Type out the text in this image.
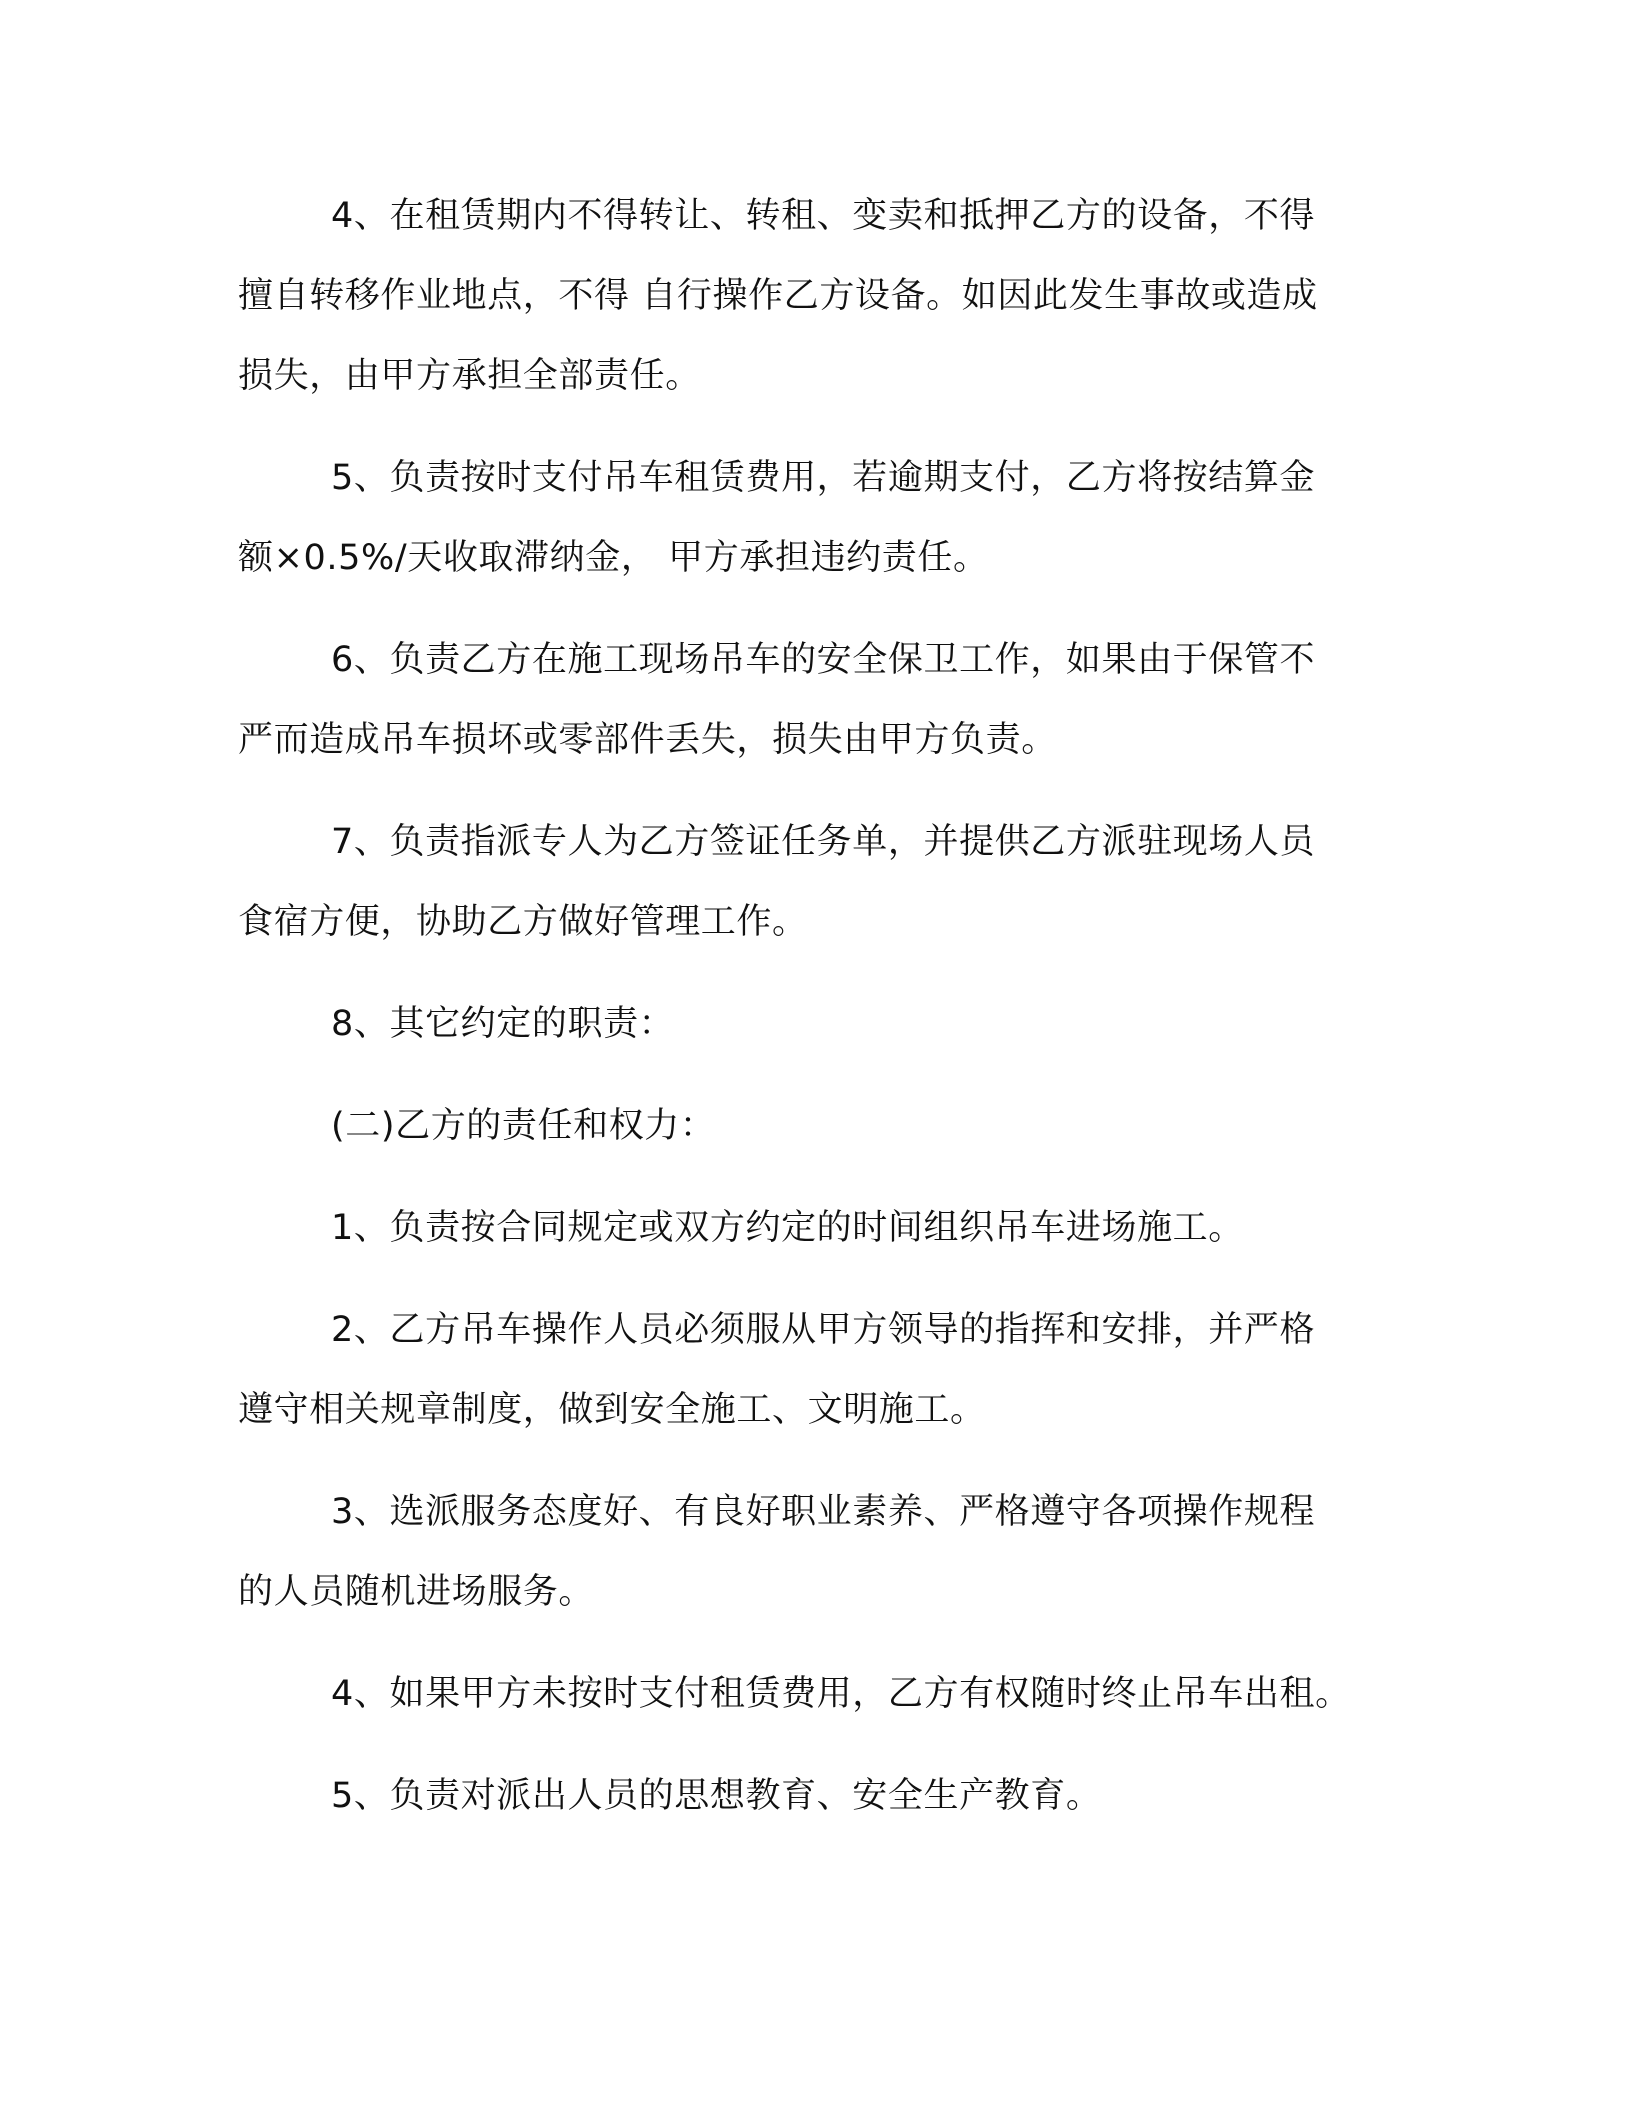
4、在租赁期内不得转让、转租、变卖和抵押乙方的设备，不得
擅自转移作业地点，不得 自行操作乙方设备。如因此发生事故或造成
损失，由甲方承担全部责任。

5、负责按时支付吊车租赁费用，若逾期支付，乙方将按结算金
额×0.5%/天收取滞纳金， 甲方承担违约责任。

6、负责乙方在施工现场吊车的安全保卫工作，如果由于保管不
严而造成吊车损坏或零部件丢失，损失由甲方负责。

7、负责指派专人为乙方签证任务单，并提供乙方派驻现场人员
食宿方便，协助乙方做好管理工作。

8、其它约定的职责：

(二)乙方的责任和权力：

1、负责按合同规定或双方约定的时间组织吊车进场施工。

2、乙方吊车操作人员必须服从甲方领导的指挥和安排，并严格
遵守相关规章制度，做到安全施工、文明施工。

3、选派服务态度好、有良好职业素养、严格遵守各项操作规程
的人员随机进场服务。

4、如果甲方未按时支付租赁费用，乙方有权随时终止吊车出租。

5、负责对派出人员的思想教育、安全生产教育。
